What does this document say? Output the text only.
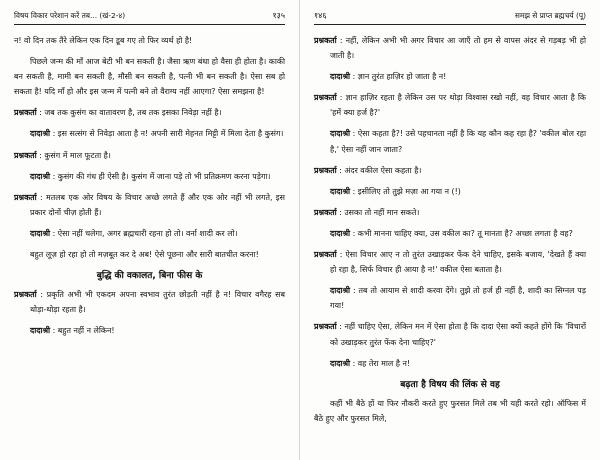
विषय विकार परेशान करें तब... (खं-2-४)	१३५

न! वो दिन तक तैरे लेकिन एक दिन डूब गए तो फिर व्यर्थ हो है!

पिछले जन्म की माँ आज बेटी भी बन सकती है। जैसा ऋण बंधा हो वैसा ही होता है। काकी बन सकती है, मामी बन सकती है, मौसी बन सकती है, पत्नी भी बन सकती है। ऐसा सब हो सकता है! यदि माँ हो और इस जन्म में पत्नी बने तो वैराग्य नहीं आएगा? ऐसा समझना है!

प्रश्नकर्ता : जब तक कुसंग का वातावरण है, तब तक इसका निवेड़ा नहीं है।

दादाश्री : इस सत्संग से निवेड़ा आता है न! अपनी सारी मेहनत मिट्टी में मिला देता है कुसंग।

प्रश्नकर्ता : कुसंग में माल फूटता है।

दादाश्री : कुसंग की गंध ही ऐसी है। कुसंग में जाना पड़े तो भी प्रतिक्रमण करना पड़ेगा।

प्रश्नकर्ता : मतलब एक ओर विषय के विचार अच्छे लगते हैं और एक ओर नहीं भी लगते, इस प्रकार दोनों चीज़ होती हैं।

दादाश्री : ऐसा नहीं चलेगा, अगर ब्रह्मचारी रहना हो तो। वर्ना शादी कर लो।

बहुत लूज़ हो रहा हो तो मज़बूत कर दे अब! ऐसे पूछना और सारी बातचीत करना!

बुद्धि की वकालत, बिना फीस के

प्रश्नकर्ता : प्रकृति अभी भी एकदम अपना स्वभाव तुरंत छोड़ती नहीं है न! विचार वगैरह सब थोड़ा-थोड़ा रहता है।

दादाश्री : बहुत नहीं न लेकिन!

१४६	समझ से प्राप्त ब्रह्मचर्य (पू)

प्रश्नकर्ता : नहीं, लेकिन अभी भी अगर विचार आ जाएँ तो हम से वापस अंदर से गड़बड़ भी हो जाती है।

दादाश्री : ज्ञान तुरंत हाज़िर हो जाता है न!

प्रश्नकर्ता : ज्ञान हाज़िर रहता है लेकिन उस पर थोड़ा विश्वास रखो नहीं, वह विचार आता है कि 'हमें क्या हर्ज है?'

दादाश्री : ऐसा कहता है?! उसे पहचानता नहीं है कि यह कौन कह रहा है? 'वकील बोल रहा है,' ऐसा नहीं जान जाता?

प्रश्नकर्ता : अंदर वकील ऐसा कहता है।

दादाश्री : इसीलिए तो तुझे मज़ा आ गया न (!)

प्रश्नकर्ता : उसका तो नहीं मान सकते।

दादाश्री : कभी मानना चाहिए क्या, उस वकील का? तू मानता है? अच्छा लगता है वह?

प्रश्नकर्ता : ऐसा विचार आए न तो तुरंत उखाड़कर फेंक देने चाहिए, इसके बजाय, 'देखते हैं क्या हो रहा है, सिर्फ विचार ही आया है न!' वकील ऐसा बताता है।

दादाश्री : तब तो आयाम से शादी करवा देंगे। तुझे तो हर्ज ही नहीं है, शादी का सिग्नल पड़ गया!

प्रश्नकर्ता : नहीं चाहिए ऐसा, लेकिन मन में ऐसा होता है कि दादा ऐसा क्यों कहते होंगे कि 'विचारों को उखाड़कर तुरंत फेंक देना चाहिए?'

दादाश्री : वह तेरा माल है न!

बढ़ता है विषय की लिंक से वह

कहीं भी बैठे हों या फिर नौकरी करते हुए फुरसत मिले तब भी यही करते रहो। ऑफिस में बैठे हुए और फुरसत मिले,
